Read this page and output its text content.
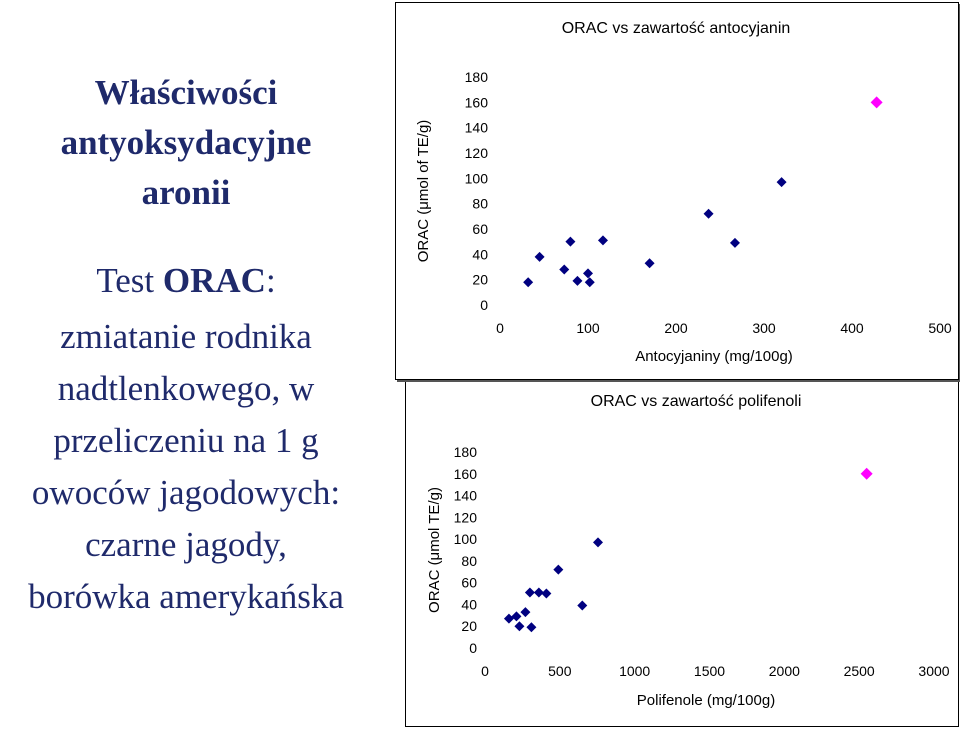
Właściwości
antyoksydacyjne
aronii
Test ORAC:
zmiatanie rodnika
nadtlenkowego, w
przeliczeniu na 1 g
owoców jagodowych:
czarne jagody,
borówka amerykańska
ORAC vs zawartość polifenoli
0
20
40
60
80
100
120
140
160
180
0	500	1000	1500	2000	2500	3000
Polifenole (mg/100g)
ORAC (μmol TE/g)
ORAC vs zawartość antocyjanin
0
20
40
60
80
100
120
140
160
180
0	100	200	300	400	500
Antocyjaniny (mg/100g)
ORAC (μmol of TE/g)
